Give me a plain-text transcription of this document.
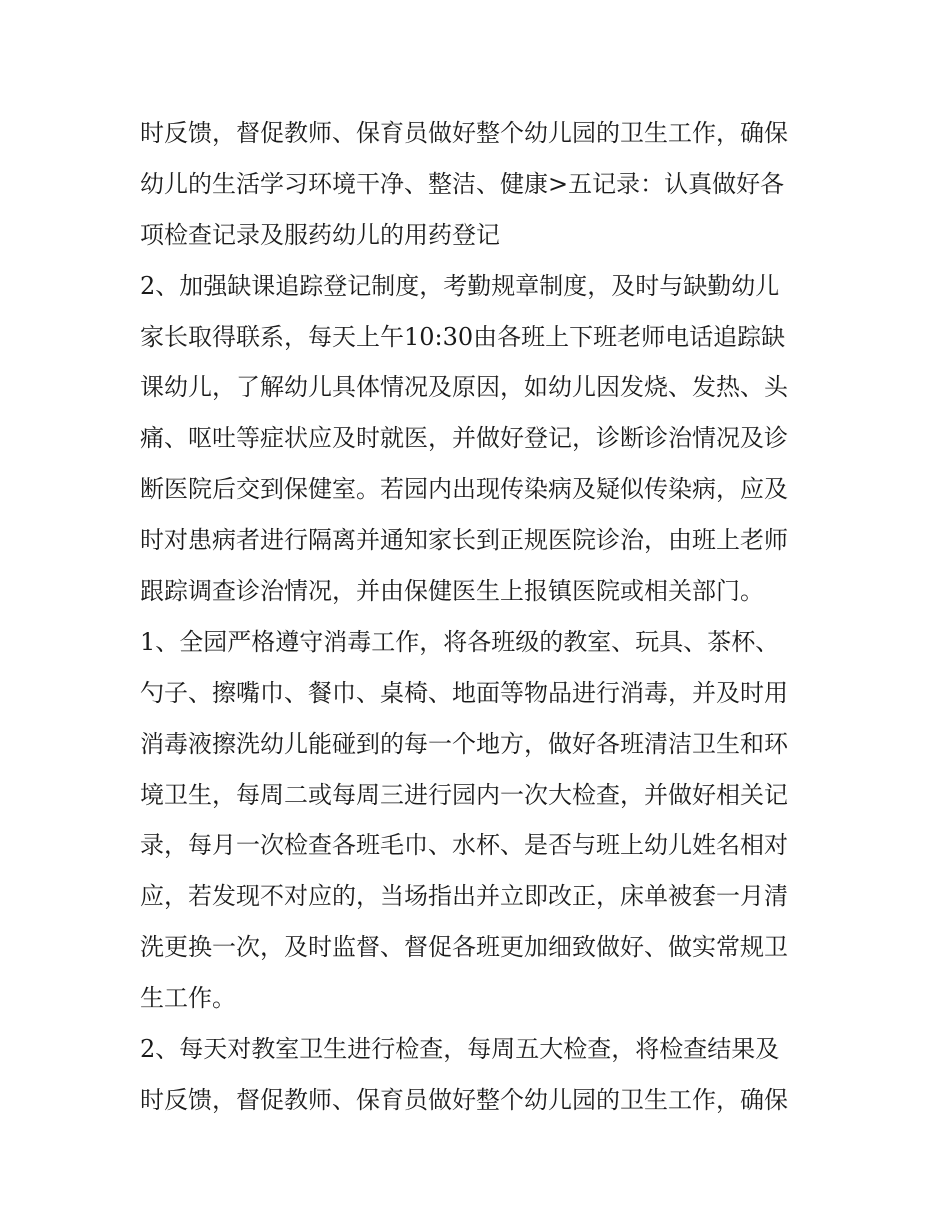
时反馈，督促教师、保育员做好整个幼儿园的卫生工作，确保
幼儿的生活学习环境干净、整洁、健康>五记录：认真做好各
项检查记录及服药幼儿的用药登记
2、加强缺课追踪登记制度，考勤规章制度，及时与缺勤幼儿
家长取得联系，每天上午10:30由各班上下班老师电话追踪缺
课幼儿，了解幼儿具体情况及原因，如幼儿因发烧、发热、头
痛、呕吐等症状应及时就医，并做好登记，诊断诊治情况及诊
断医院后交到保健室。若园内出现传染病及疑似传染病，应及
时对患病者进行隔离并通知家长到正规医院诊治，由班上老师
跟踪调查诊治情况，并由保健医生上报镇医院或相关部门。
1、全园严格遵守消毒工作，将各班级的教室、玩具、茶杯、
勺子、擦嘴巾、餐巾、桌椅、地面等物品进行消毒，并及时用
消毒液擦洗幼儿能碰到的每一个地方，做好各班清洁卫生和环
境卫生，每周二或每周三进行园内一次大检查，并做好相关记
录，每月一次检查各班毛巾、水杯、是否与班上幼儿姓名相对
应，若发现不对应的，当场指出并立即改正，床单被套一月清
洗更换一次，及时监督、督促各班更加细致做好、做实常规卫
生工作。
2、每天对教室卫生进行检查，每周五大检查，将检查结果及
时反馈，督促教师、保育员做好整个幼儿园的卫生工作，确保
